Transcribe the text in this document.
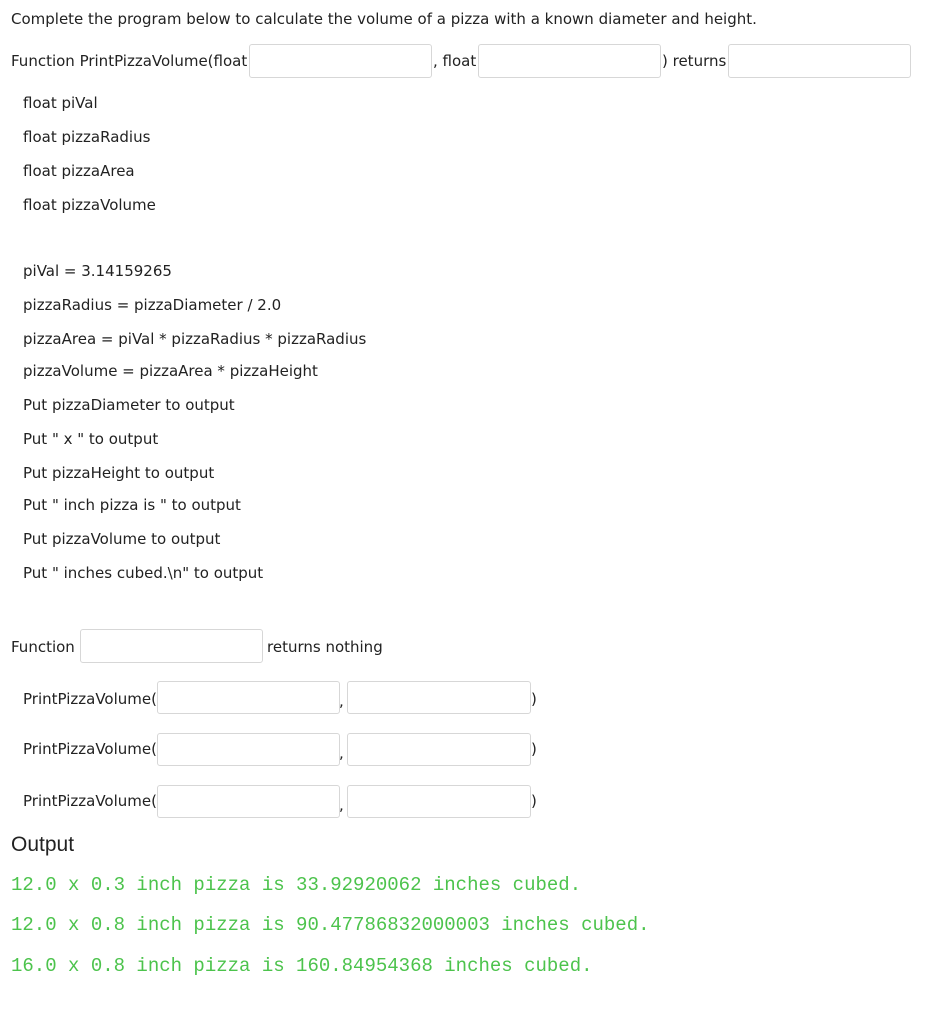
Complete the program below to calculate the volume of a pizza with a known diameter and height.
Function PrintPizzaVolume(float	, float	) returns
float piVal
float pizzaRadius
float pizzaArea
float pizzaVolume
piVal = 3.14159265
pizzaRadius = pizzaDiameter / 2.0
pizzaArea = piVal * pizzaRadius * pizzaRadius
pizzaVolume = pizzaArea * pizzaHeight
Put pizzaDiameter to output
Put " x " to output
Put pizzaHeight to output
Put " inch pizza is " to output
Put pizzaVolume to output
Put " inches cubed.\n" to output
Function	returns nothing
PrintPizzaVolume(	,	)
PrintPizzaVolume(	,	)
PrintPizzaVolume(	,	)
Output
12.0 x 0.3 inch pizza is 33.92920062 inches cubed.
12.0 x 0.8 inch pizza is 90.47786832000003 inches cubed.
16.0 x 0.8 inch pizza is 160.84954368 inches cubed.
